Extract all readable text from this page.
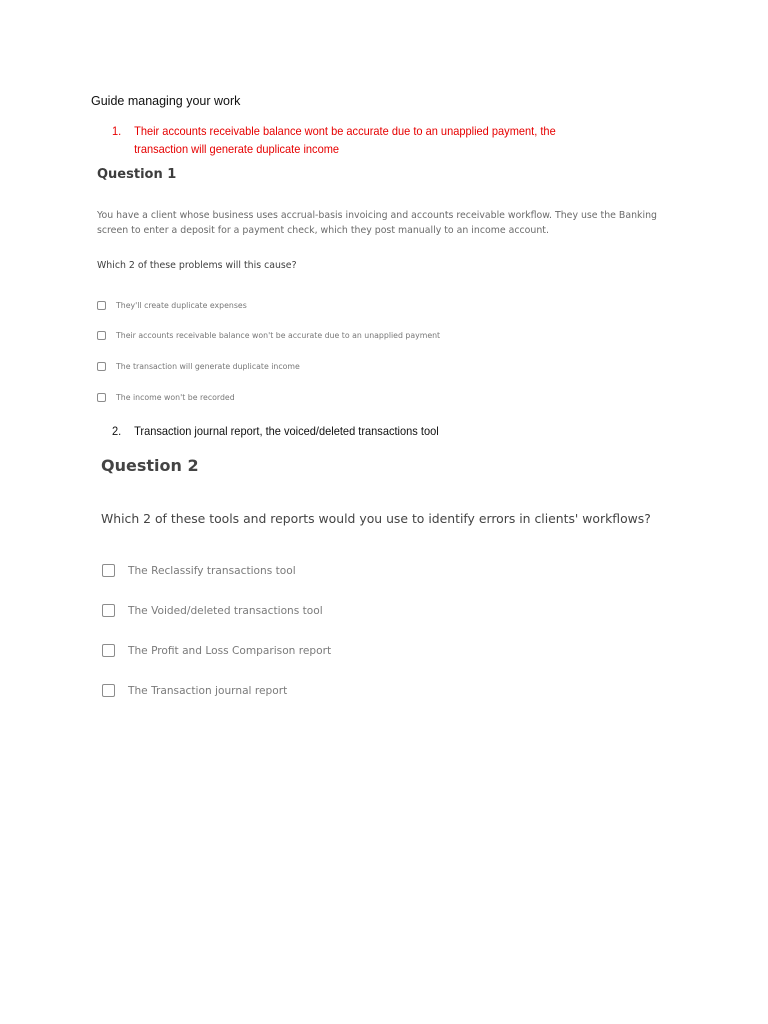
Guide managing your work
1. Their accounts receivable balance wont be accurate due to an unapplied payment, the
transaction will generate duplicate income
Question 1
You have a client whose business uses accrual-basis invoicing and accounts receivable workflow. They use the Banking
screen to enter a deposit for a payment check, which they post manually to an income account.
Which 2 of these problems will this cause?
They'll create duplicate expenses
Their accounts receivable balance won't be accurate due to an unapplied payment
The transaction will generate duplicate income
The income won't be recorded
2. Transaction journal report, the voiced/deleted transactions tool
Question 2
Which 2 of these tools and reports would you use to identify errors in clients' workflows?
The Reclassify transactions tool
The Voided/deleted transactions tool
The Profit and Loss Comparison report
The Transaction journal report
